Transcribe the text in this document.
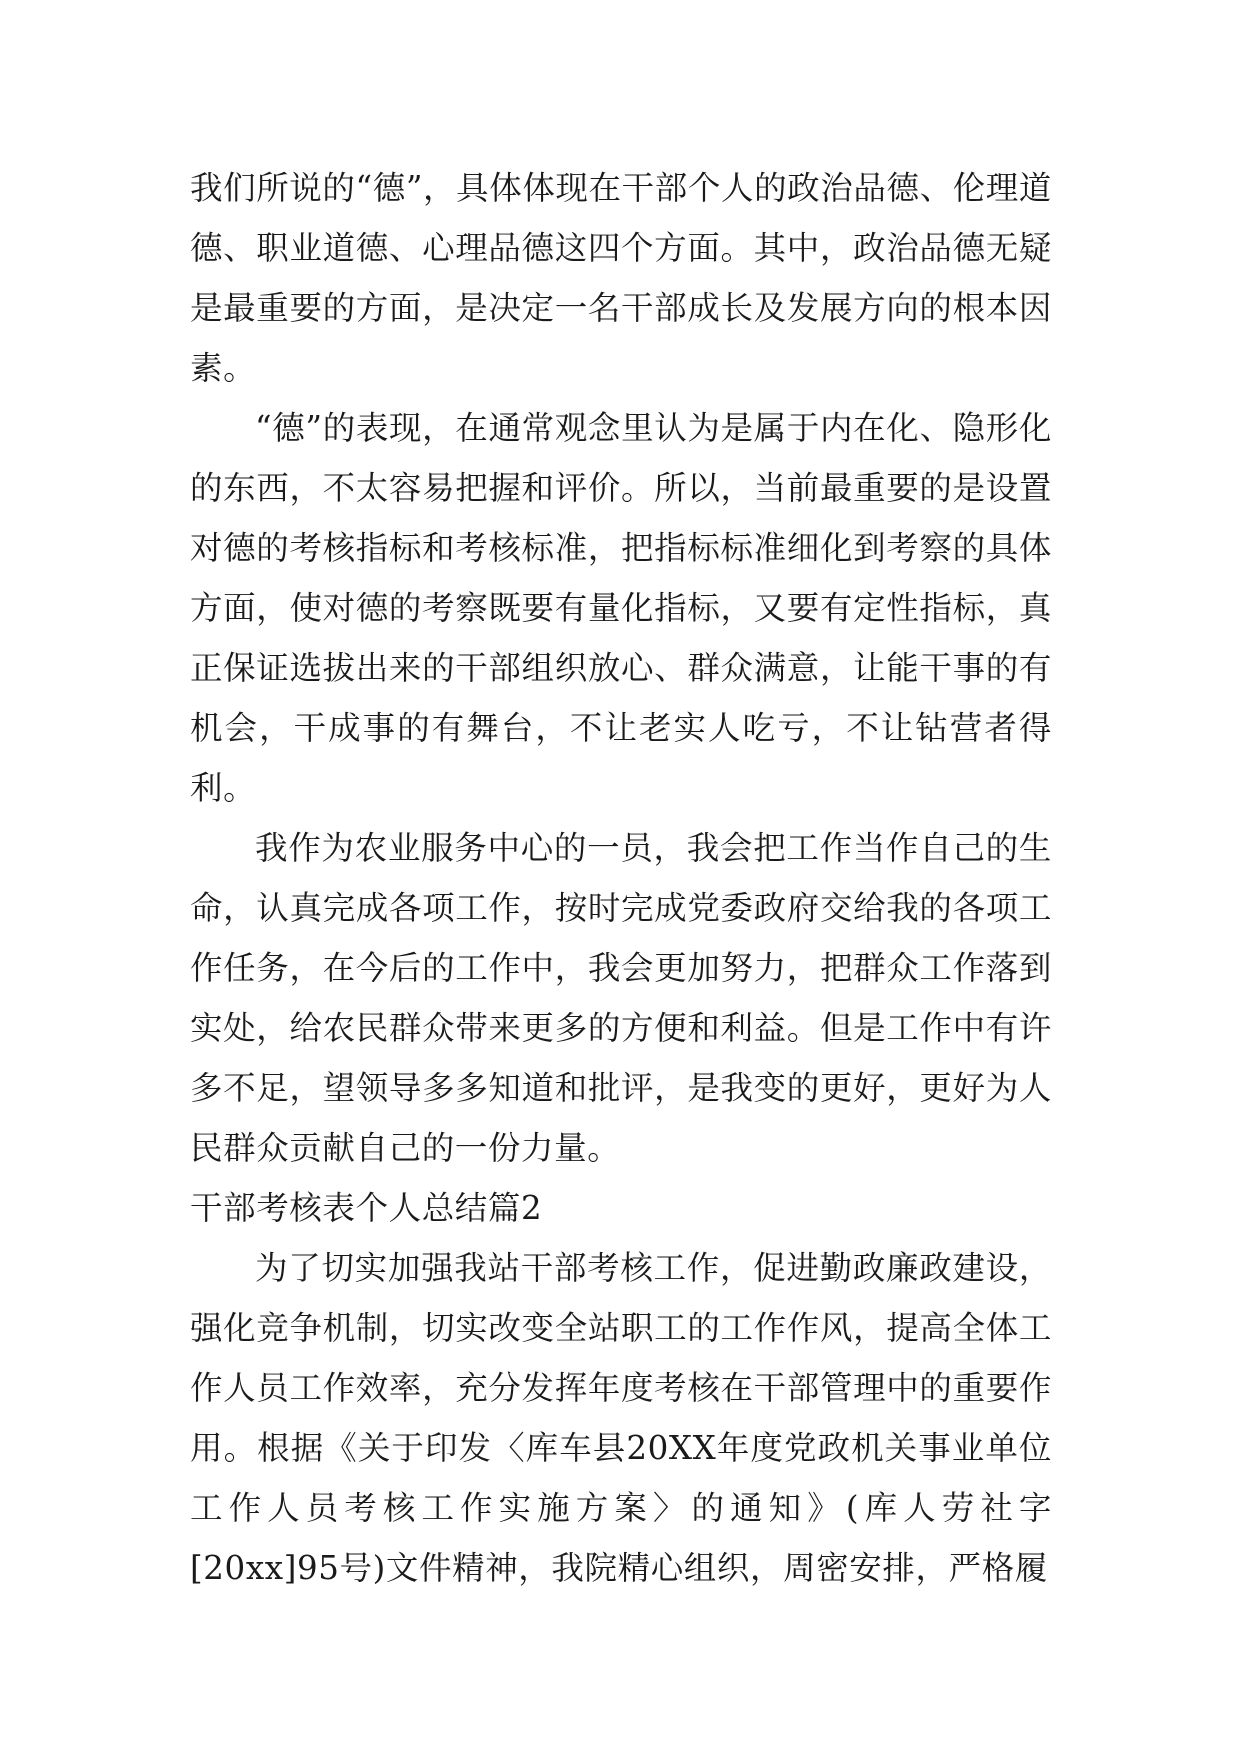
我们所说的“德”，具体体现在干部个人的政治品德、伦理道德、职业道德、心理品德这四个方面。其中，政治品德无疑是最重要的方面，是决定一名干部成长及发展方向的根本因素。

“德”的表现，在通常观念里认为是属于内在化、隐形化的东西，不太容易把握和评价。所以，当前最重要的是设置对德的考核指标和考核标准，把指标标准细化到考察的具体方面，使对德的考察既要有量化指标，又要有定性指标，真正保证选拔出来的干部组织放心、群众满意，让能干事的有机会，干成事的有舞台，不让老实人吃亏，不让钻营者得利。

我作为农业服务中心的一员，我会把工作当作自己的生命，认真完成各项工作，按时完成党委政府交给我的各项工作任务，在今后的工作中，我会更加努力，把群众工作落到实处，给农民群众带来更多的方便和利益。但是工作中有许多不足，望领导多多知道和批评，是我变的更好，更好为人民群众贡献自己的一份力量。

干部考核表个人总结篇2

为了切实加强我站干部考核工作，促进勤政廉政建设，强化竞争机制，切实改变全站职工的工作作风，提高全体工作人员工作效率，充分发挥年度考核在干部管理中的重要作用。根据《关于印发〈库车县20XX年度党政机关事业单位工作人员考核工作实施方案〉的通知》(库人劳社字[20xx]95号)文件精神，我院精心组织，周密安排，严格履
